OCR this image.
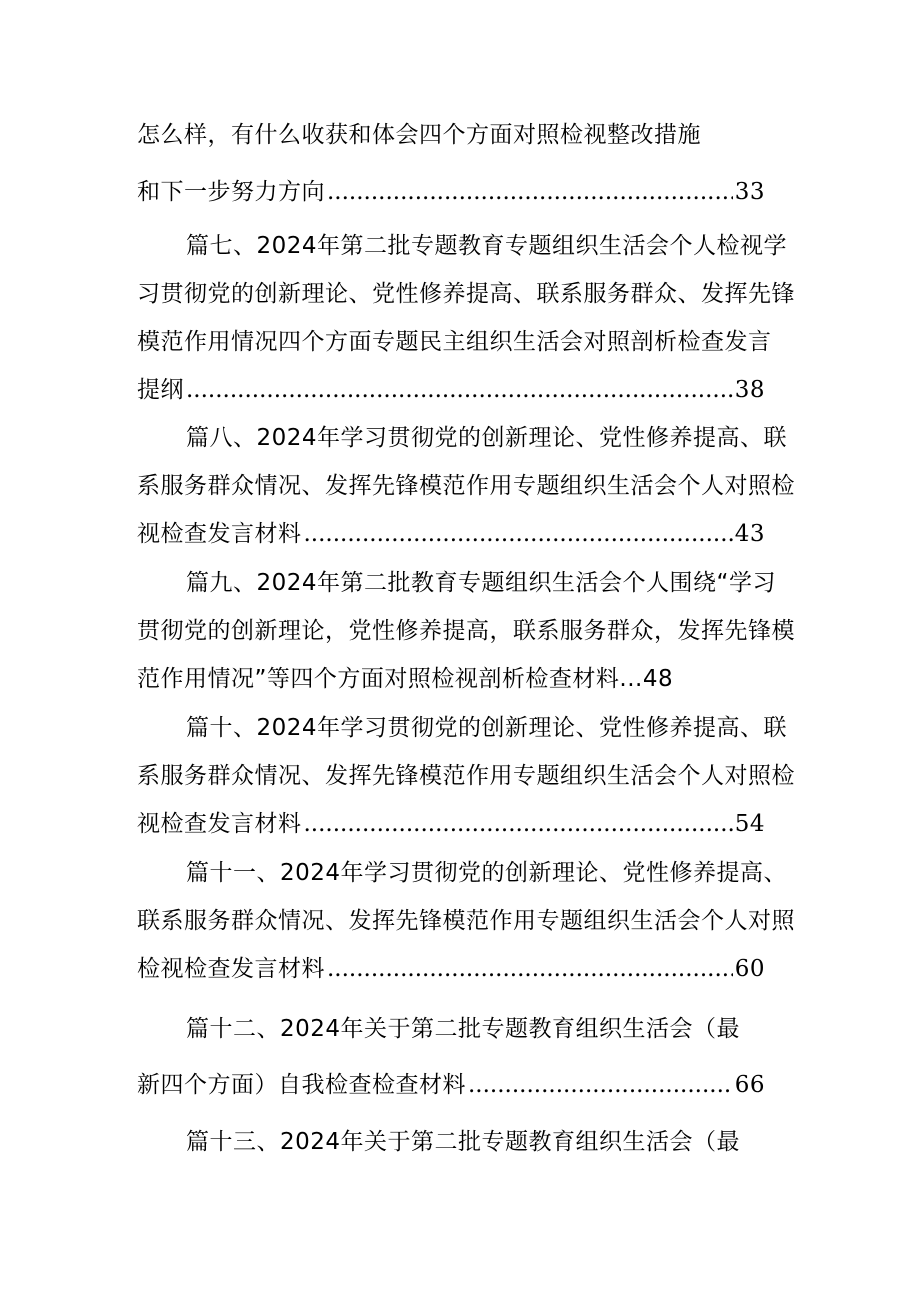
怎么样，有什么收获和体会四个方面对照检视整改措施
和下一步努力方向 .....	33
篇七、2024年第二批专题教育专题组织生活会个人检视学
习贯彻党的创新理论、党性修养提高、联系服务群众、发挥先锋
模范作用情况四个方面专题民主组织生活会对照剖析检查发言
提纲 .....	38
篇八、2024年学习贯彻党的创新理论、党性修养提高、联
系服务群众情况、发挥先锋模范作用专题组织生活会个人对照检
视检查发言材料 .....	43
篇九、2024年第二批教育专题组织生活会个人围绕“学习
贯彻党的创新理论，党性修养提高，联系服务群众，发挥先锋模
范作用情况”等四个方面对照检视剖析检查材料...48
篇十、2024年学习贯彻党的创新理论、党性修养提高、联
系服务群众情况、发挥先锋模范作用专题组织生活会个人对照检
视检查发言材料 .....	54
篇十一、2024年学习贯彻党的创新理论、党性修养提高、
联系服务群众情况、发挥先锋模范作用专题组织生活会个人对照
检视检查发言材料 .....	60
篇十二、2024年关于第二批专题教育组织生活会（最
新四个方面）自我检查检查材料 .....	66
篇十三、2024年关于第二批专题教育组织生活会（最
